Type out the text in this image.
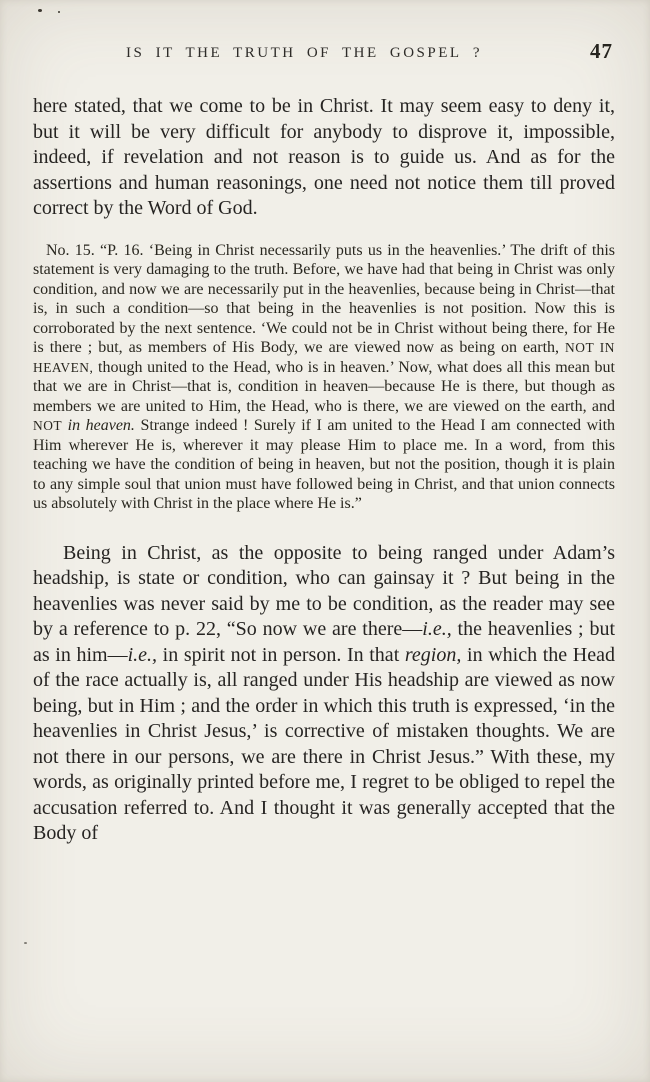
IS IT THE TRUTH OF THE GOSPEL ?	47

here stated, that we come to be in Christ. It may seem easy to deny it, but it will be very difficult for anybody to disprove it, impossible, indeed, if revelation and not reason is to guide us. And as for the assertions and human reasonings, one need not notice them till proved correct by the Word of God.

No. 15. “P. 16. ‘Being in Christ necessarily puts us in the heavenlies.’ The drift of this statement is very damaging to the truth. Before, we have had that being in Christ was only condition, and now we are necessarily put in the heavenlies, because being in Christ—that is, in such a condition—so that being in the heavenlies is not position. Now this is corroborated by the next sentence. ‘We could not be in Christ without being there, for He is there ; but, as members of His Body, we are viewed now as being on earth, NOT IN HEAVEN, though united to the Head, who is in heaven.’ Now, what does all this mean but that we are in Christ—that is, condition in heaven—because He is there, but though as members we are united to Him, the Head, who is there, we are viewed on the earth, and NOT in heaven. Strange indeed ! Surely if I am united to the Head I am connected with Him wherever He is, wherever it may please Him to place me. In a word, from this teaching we have the condition of being in heaven, but not the position, though it is plain to any simple soul that union must have followed being in Christ, and that union connects us absolutely with Christ in the place where He is.”

Being in Christ, as the opposite to being ranged under Adam’s headship, is state or condition, who can gainsay it ? But being in the heavenlies was never said by me to be condition, as the reader may see by a reference to p. 22, “So now we are there—i.e., the heavenlies ; but as in him—i.e., in spirit not in person. In that region, in which the Head of the race actually is, all ranged under His headship are viewed as now being, but in Him ; and the order in which this truth is expressed, ‘in the heavenlies in Christ Jesus,’ is corrective of mistaken thoughts. We are not there in our persons, we are there in Christ Jesus.” With these, my words, as originally printed before me, I regret to be obliged to repel the accusation referred to. And I thought it was generally accepted that the Body of
